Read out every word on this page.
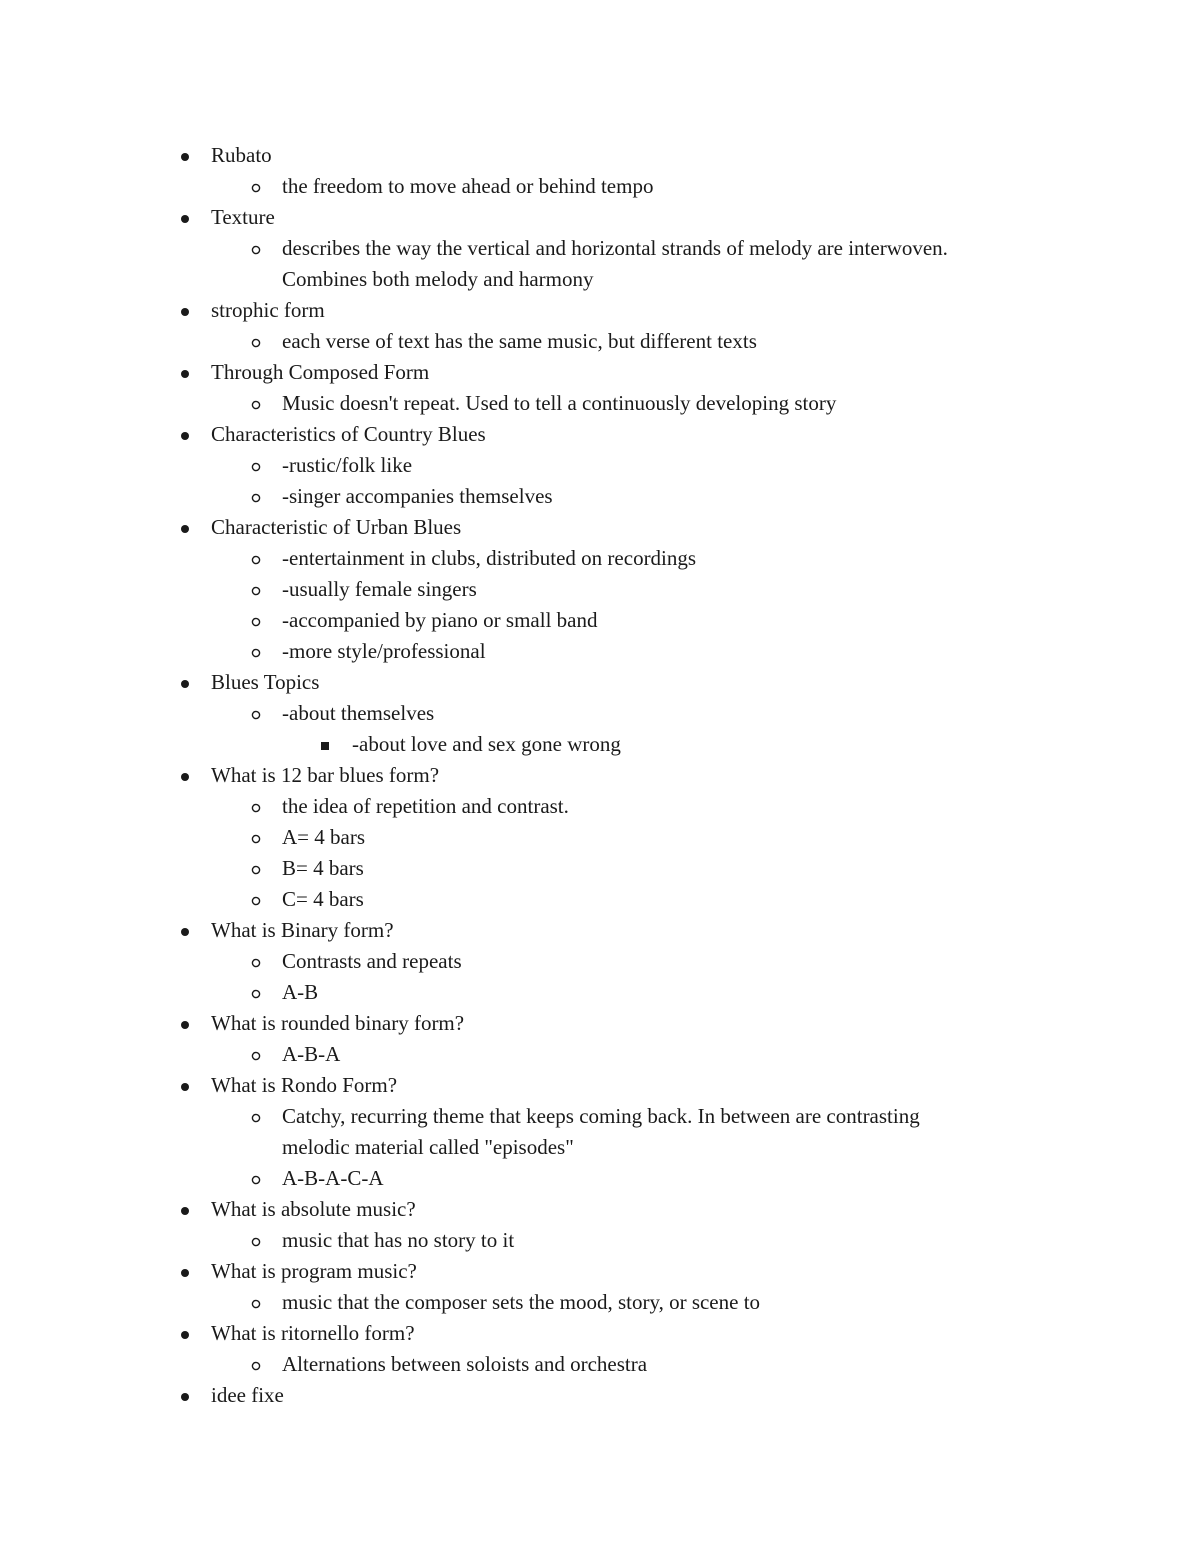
Rubato
the freedom to move ahead or behind tempo
Texture
describes the way the vertical and horizontal strands of melody are interwoven.
Combines both melody and harmony
strophic form
each verse of text has the same music, but different texts
Through Composed Form
Music doesn't repeat. Used to tell a continuously developing story
Characteristics of Country Blues
-rustic/folk like
-singer accompanies themselves
Characteristic of Urban Blues
-entertainment in clubs, distributed on recordings
-usually female singers
-accompanied by piano or small band
-more style/professional
Blues Topics
-about themselves
-about love and sex gone wrong
What is 12 bar blues form?
the idea of repetition and contrast.
A= 4 bars
B= 4 bars
C= 4 bars
What is Binary form?
Contrasts and repeats
A-B
What is rounded binary form?
A-B-A
What is Rondo Form?
Catchy, recurring theme that keeps coming back. In between are contrasting
melodic material called "episodes"
A-B-A-C-A
What is absolute music?
music that has no story to it
What is program music?
music that the composer sets the mood, story, or scene to
What is ritornello form?
Alternations between soloists and orchestra
idee fixe
